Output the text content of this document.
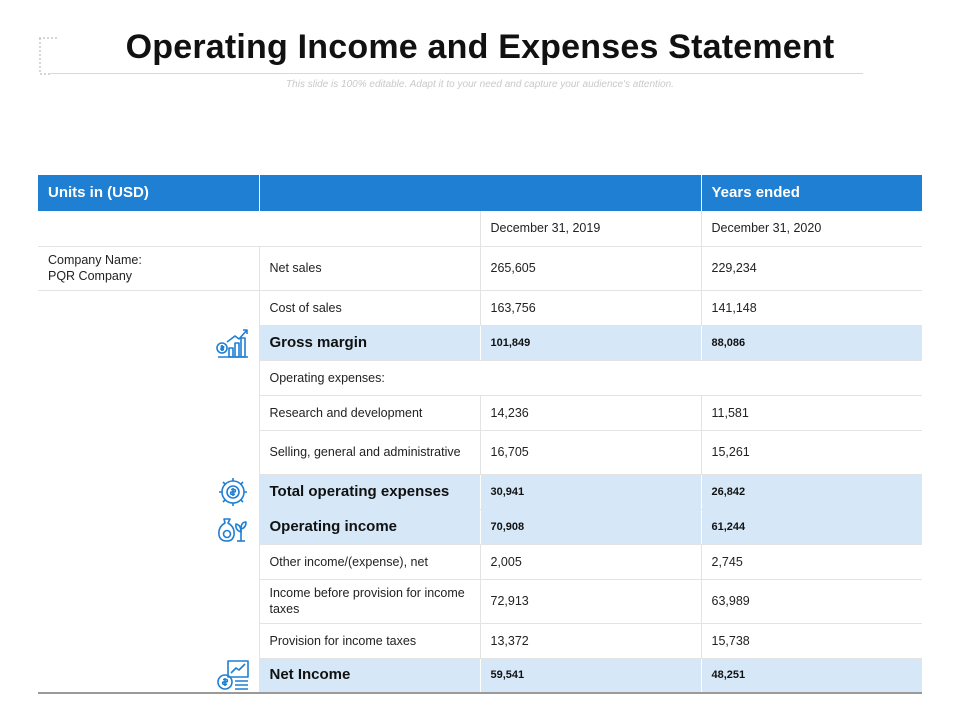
Operating Income and Expenses Statement
This slide is 100% editable. Adapt it to your need and capture your audience's attention.
Units in (USD)			Years ended
		December 31, 2019	December 31, 2020
Company Name:
PQR Company	Net sales	265,605	229,234
	Cost of sales	163,756	141,148
	Gross margin	101,849	88,086
	Operating expenses:		
	Research and development	14,236	11,581
	Selling, general and administrative	16,705	15,261
	Total operating expenses	30,941	26,842
	Operating income	70,908	61,244
	Other income/(expense), net	2,005	2,745
	Income before provision for income taxes	72,913	63,989
	Provision for income taxes	13,372	15,738
	Net Income	59,541	48,251
